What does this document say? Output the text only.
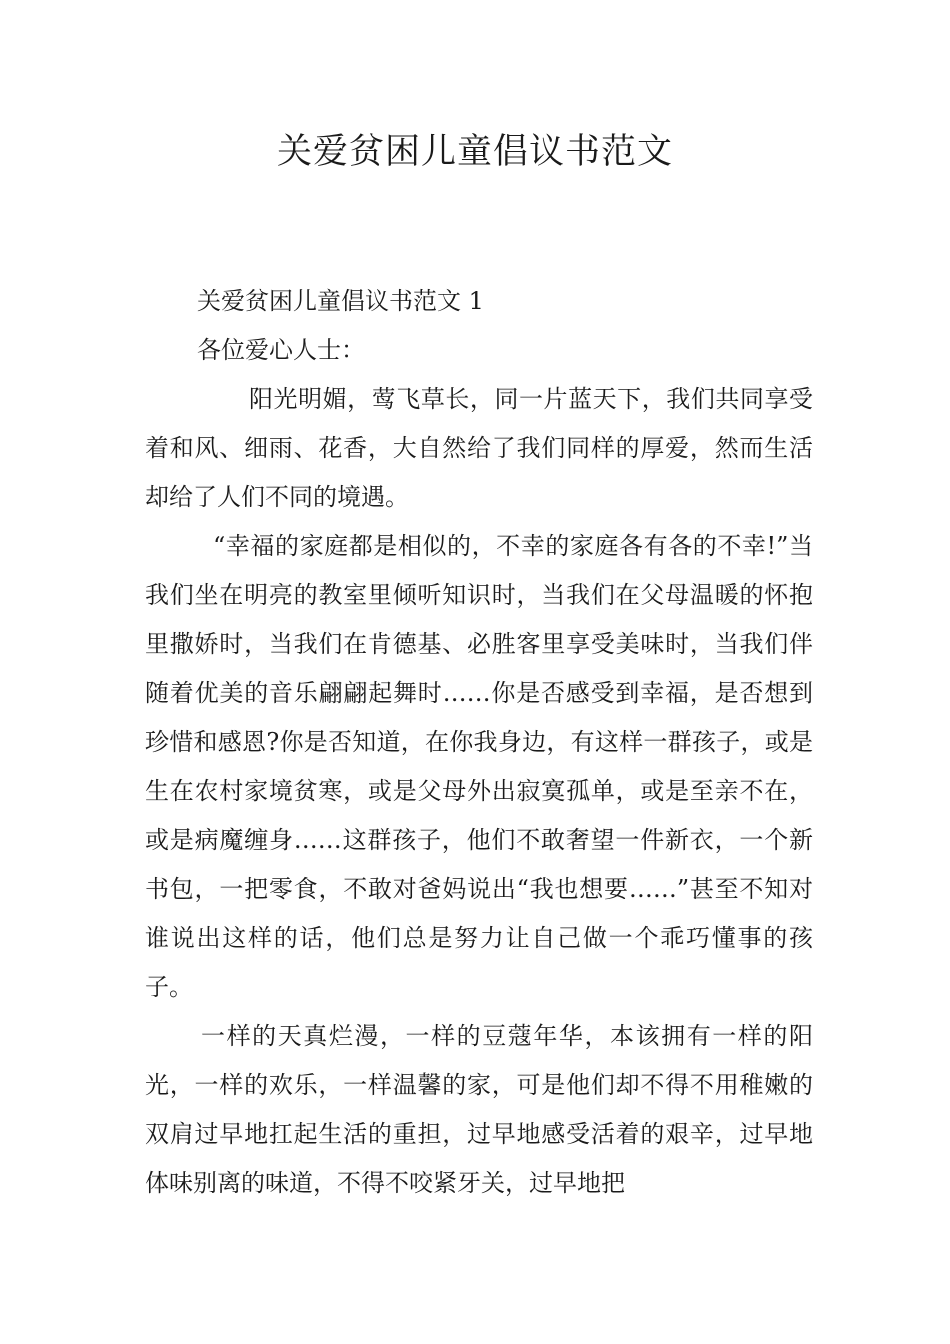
关爱贫困儿童倡议书范文

关爱贫困儿童倡议书范文 1

各位爱心人士：

阳光明媚，莺飞草长，同一片蓝天下，我们共同享受着和风、细雨、花香，大自然给了我们同样的厚爱，然而生活却给了人们不同的境遇。

“幸福的家庭都是相似的，不幸的家庭各有各的不幸!”当我们坐在明亮的教室里倾听知识时，当我们在父母温暖的怀抱里撒娇时，当我们在肯德基、必胜客里享受美味时，当我们伴随着优美的音乐翩翩起舞时……你是否感受到幸福，是否想到珍惜和感恩?你是否知道，在你我身边，有这样一群孩子，或是生在农村家境贫寒，或是父母外出寂寞孤单，或是至亲不在，或是病魔缠身……这群孩子，他们不敢奢望一件新衣，一个新书包，一把零食，不敢对爸妈说出“我也想要……”甚至不知对谁说出这样的话，他们总是努力让自己做一个乖巧懂事的孩子。

一样的天真烂漫，一样的豆蔻年华，本该拥有一样的阳光，一样的欢乐，一样温馨的家，可是他们却不得不用稚嫩的双肩过早地扛起生活的重担，过早地感受活着的艰辛，过早地体味别离的味道，不得不咬紧牙关，过早地把
